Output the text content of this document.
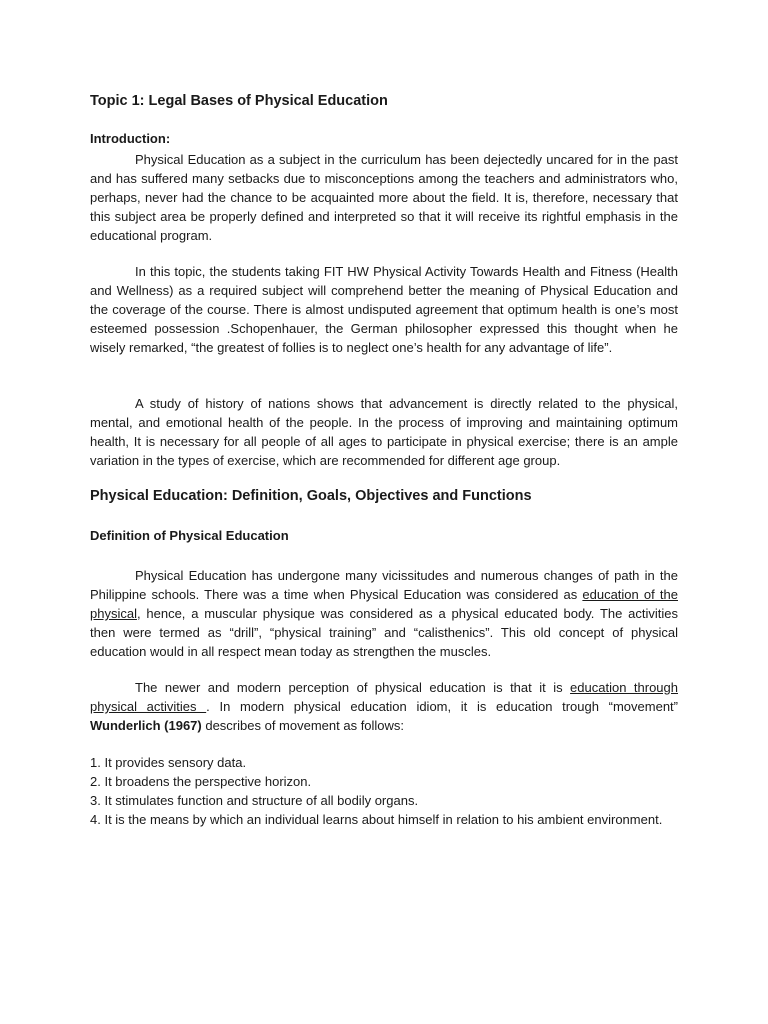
Topic 1: Legal Bases of Physical Education
Introduction:

Physical Education as a subject in the curriculum has been dejectedly uncared for in the past and has suffered many setbacks due to misconceptions among the teachers and administrators who, perhaps, never had the chance to be acquainted more about the field. It is, therefore, necessary that this subject area be properly defined and interpreted so that it will receive its rightful emphasis in the educational program.

In this topic, the students taking FIT HW Physical Activity Towards Health and Fitness (Health and Wellness) as a required subject will comprehend better the meaning of Physical Education and the coverage of the course. There is almost undisputed agreement that optimum health is one’s most esteemed possession .Schopenhauer, the German philosopher expressed this thought when he wisely remarked, “the greatest of follies is to neglect one’s health for any advantage of life”.

A study of history of nations shows that advancement is directly related to the physical, mental, and emotional health of the people. In the process of improving and maintaining optimum health, It is necessary for all people of all ages to participate in physical exercise; there is an ample variation in the types of exercise, which are recommended for different age group.

Physical Education: Definition, Goals, Objectives and Functions
Definition of Physical Education

Physical Education has undergone many vicissitudes and numerous changes of path in the Philippine schools. There was a time when Physical Education was considered as education of the physical, hence, a muscular physique was considered as a physical educated body. The activities then were termed as “drill”, “physical training” and “calisthenics”. This old concept of physical education would in all respect mean today as strengthen the muscles.

The newer and modern perception of physical education is that it is education through physical activities . In modern physical education idiom, it is education trough “movement” Wunderlich (1967) describes of movement as follows:

1. It provides sensory data.
2. It broadens the perspective horizon.
3. It stimulates function and structure of all bodily organs.
4. It is the means by which an individual learns about himself in relation to his ambient environment.
